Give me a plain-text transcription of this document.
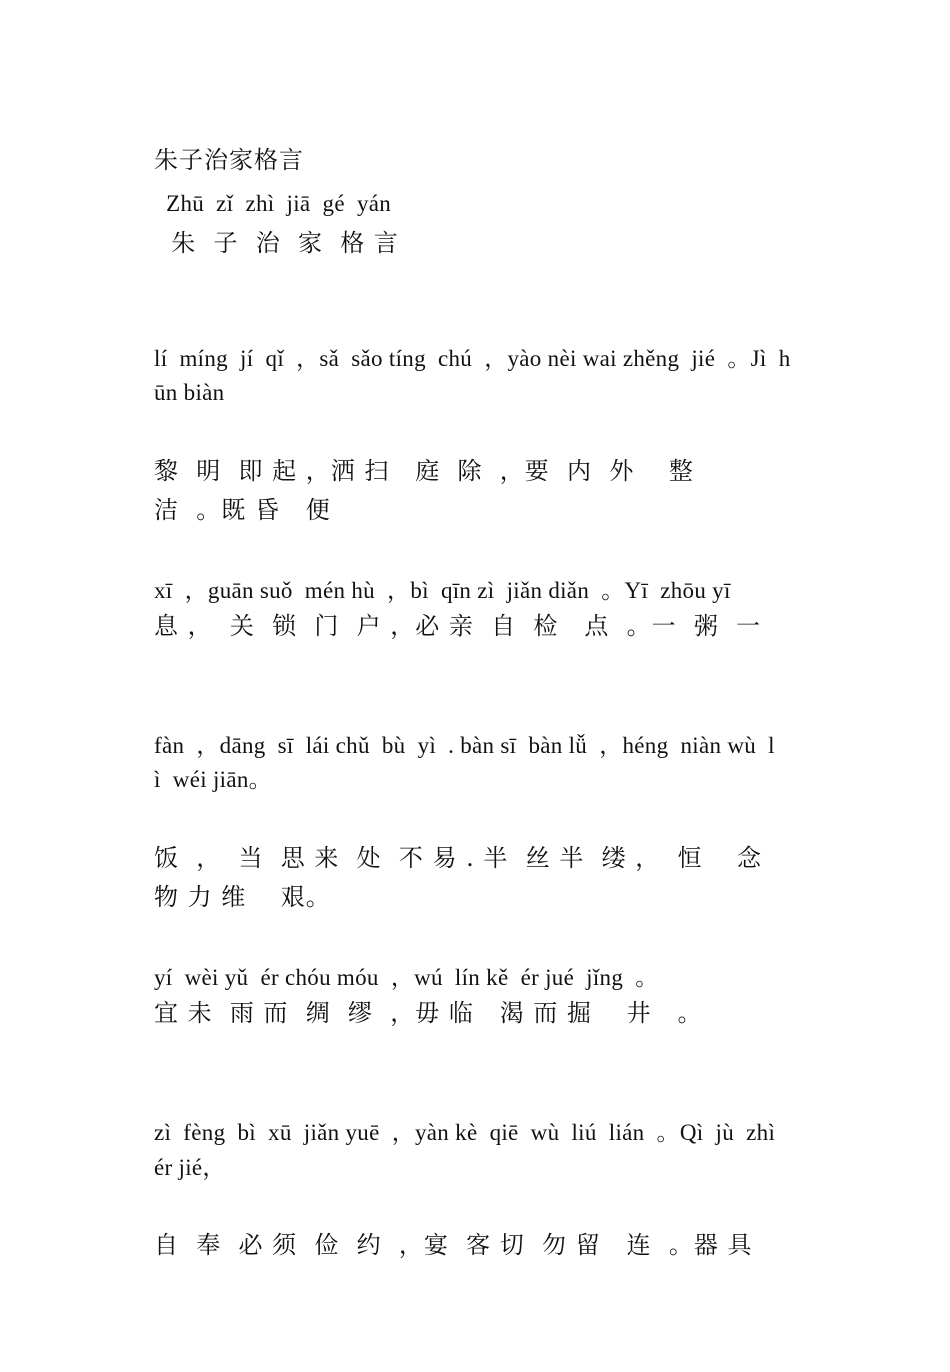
朱子治家格言

Zhū  zǐ  zhì  jiā  gé  yán

朱  子  治  家  格 言

lí  míng  jí  qǐ  ，sǎ  sǎo tíng  chú  ，yào nèi wai zhěng  jié  。Jì  h

ūn biàn

黎  明  即 起 ，洒 扫   庭  除  ，要  内  外    整

洁  。既 昏   便

xī  ，guān suǒ  mén hù  ，bì  qīn zì  jiǎn diǎn  。Yī  zhōu yī

息 ，  关  锁  门  户 ，必 亲  自  检   点  。一  粥  一

fàn  ，dāng  sī  lái chǔ  bù  yì  . bàn sī  bàn lǚ  ，héng  niàn wù  l

ì  wéi jiān。

饭  ，  当  思 来  处  不 易 . 半  丝 半  缕 ，  恒    念

物 力 维    艰。

yí  wèi yǔ  ér chóu móu  ，wú  lín kě  ér jué  jǐng  。

宜 未  雨 而  绸  缪  ，毋 临   渴 而 掘    井   。

zì  fèng  bì  xū  jiǎn yuē  ，yàn kè  qiē  wù  liú  lián  。Qì  jù  zhì

ér jié，

自  奉  必 须  俭  约  ，宴  客 切  勿 留   连  。器 具
